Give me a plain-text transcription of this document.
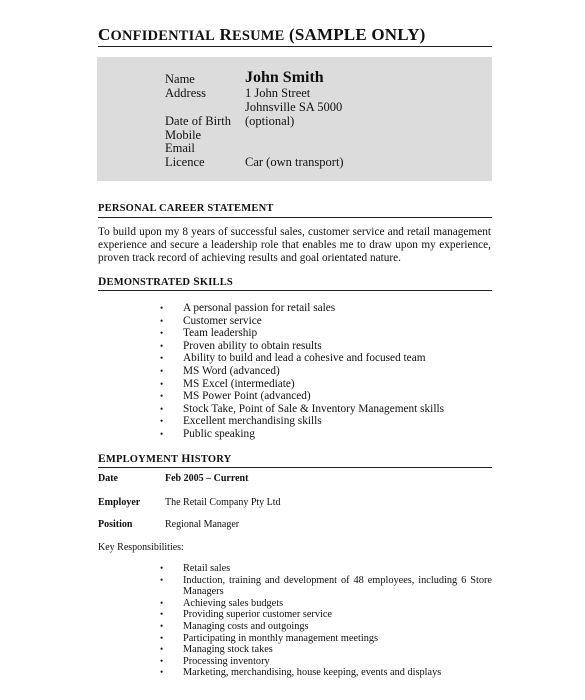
CONFIDENTIAL RESUME (SAMPLE ONLY)
Name
Address
Date of Birth
Mobile
Email
Licence
John Smith
1 John Street
Johnsville SA 5000
(optional)
Car (own transport)
PERSONAL CAREER STATEMENT
To build upon my 8 years of successful sales, customer service and retail management experience and secure a leadership role that enables me to draw upon my experience, proven track record of achieving results and goal orientated nature.
DEMONSTRATED SKILLS
• A personal passion for retail sales
• Customer service
• Team leadership
• Proven ability to obtain results
• Ability to build and lead a cohesive and focused team
• MS Word (advanced)
• MS Excel (intermediate)
• MS Power Point (advanced)
• Stock Take, Point of Sale & Inventory Management skills
• Excellent merchandising skills
• Public speaking
EMPLOYMENT HISTORY
Date	Feb 2005 – Current
Employer The Retail Company Pty Ltd
Position	Regional Manager
Key Responsibilities:
• Retail sales
• Induction, training and development of 48 employees, including 6 Store Managers
• Achieving sales budgets
• Providing superior customer service
• Managing costs and outgoings
• Participating in monthly management meetings
• Managing stock takes
• Processing inventory
• Marketing, merchandising, house keeping, events and displays
